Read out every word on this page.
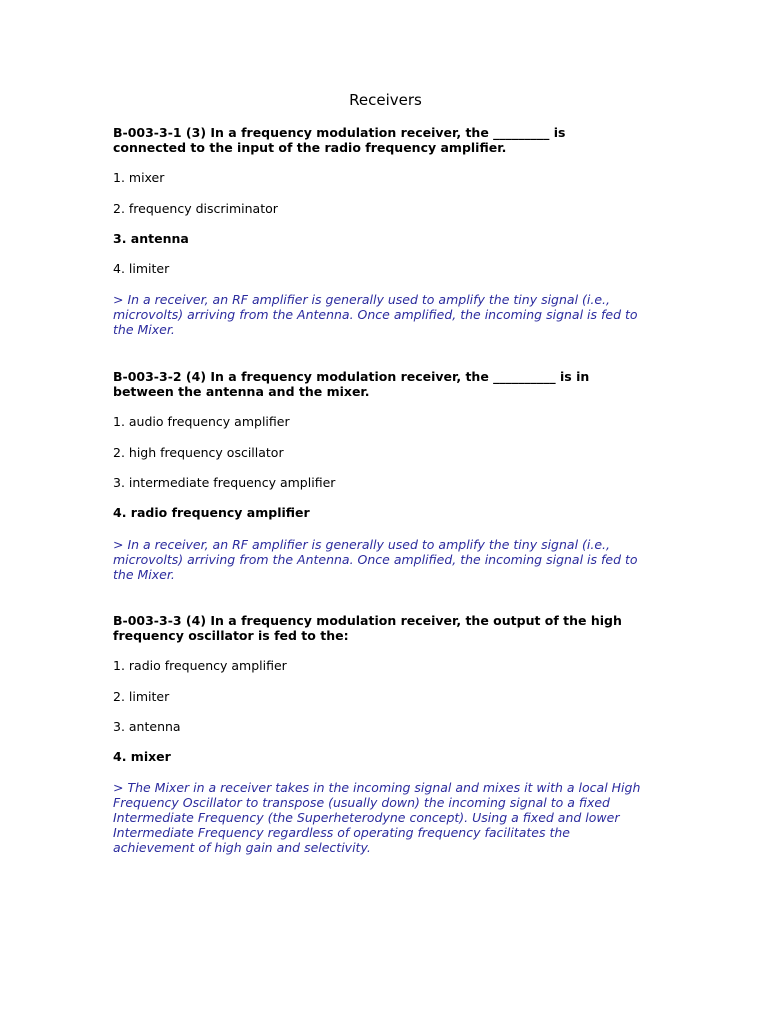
Receivers
B-003-3-1 (3) In a frequency modulation receiver, the _________ is
connected to the input of the radio frequency amplifier.
1. mixer
2. frequency discriminator
3. antenna
4. limiter
> In a receiver, an RF amplifier is generally used to amplify the tiny signal (i.e.,
microvolts) arriving from the Antenna. Once amplified, the incoming signal is fed to
the Mixer.
B-003-3-2 (4) In a frequency modulation receiver, the __________ is in
between the antenna and the mixer.
1. audio frequency amplifier
2. high frequency oscillator
3. intermediate frequency amplifier
4. radio frequency amplifier
> In a receiver, an RF amplifier is generally used to amplify the tiny signal (i.e.,
microvolts) arriving from the Antenna. Once amplified, the incoming signal is fed to
the Mixer.
B-003-3-3 (4) In a frequency modulation receiver, the output of the high
frequency oscillator is fed to the:
1. radio frequency amplifier
2. limiter
3. antenna
4. mixer
> The Mixer in a receiver takes in the incoming signal and mixes it with a local High
Frequency Oscillator to transpose (usually down) the incoming signal to a fixed
Intermediate Frequency (the Superheterodyne concept). Using a fixed and lower
Intermediate Frequency regardless of operating frequency facilitates the
achievement of high gain and selectivity.
